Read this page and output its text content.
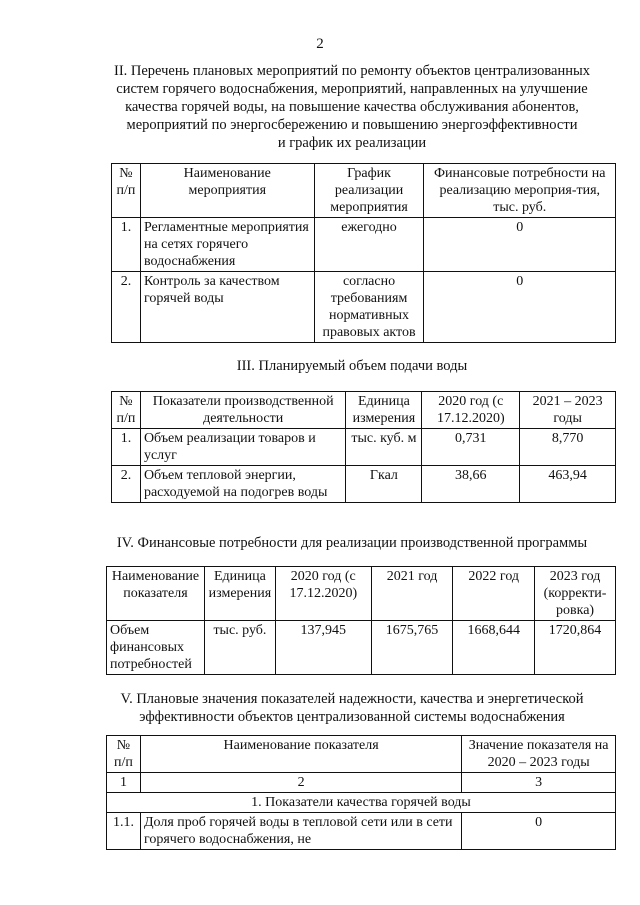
2
II. Перечень плановых мероприятий по ремонту объектов централизованных
систем горячего водоснабжения, мероприятий, направленных на улучшение
качества горячей воды, на повышение качества обслуживания абонентов,
мероприятий по энергосбережению и повышению энергоэффективности
и график их реализации
№ п/п	Наименование мероприятия	График реализации мероприятия	Финансовые потребности на реализацию мероприя-тия, тыс. руб.
1.	Регламентные мероприятия на сетях горячего водоснабжения	ежегодно	0
2.	Контроль за качеством горячей воды	согласно требованиям нормативных правовых актов	0
III. Планируемый объем подачи воды
№ п/п	Показатели производственной деятельности	Единица измерения	2020 год (с 17.12.2020)	2021 – 2023 годы
1.	Объем реализации товаров и услуг	тыс. куб. м	0,731	8,770
2.	Объем тепловой энергии, расходуемой на подогрев воды	Гкал	38,66	463,94
IV. Финансовые потребности для реализации производственной программы
Наименование показателя	Единица измерения	2020 год (с 17.12.2020)	2021 год	2022 год	2023 год (корректи-ровка)
Объем финансовых потребностей	тыс. руб.	137,945	1675,765	1668,644	1720,864
V. Плановые значения показателей надежности, качества и энергетической
эффективности объектов централизованной системы водоснабжения
№ п/п	Наименование показателя	Значение показателя на 2020 – 2023 годы
1	2	3
1. Показатели качества горячей воды		
1.1.	Доля проб горячей воды в тепловой сети или в сети горячего водоснабжения, не	0
